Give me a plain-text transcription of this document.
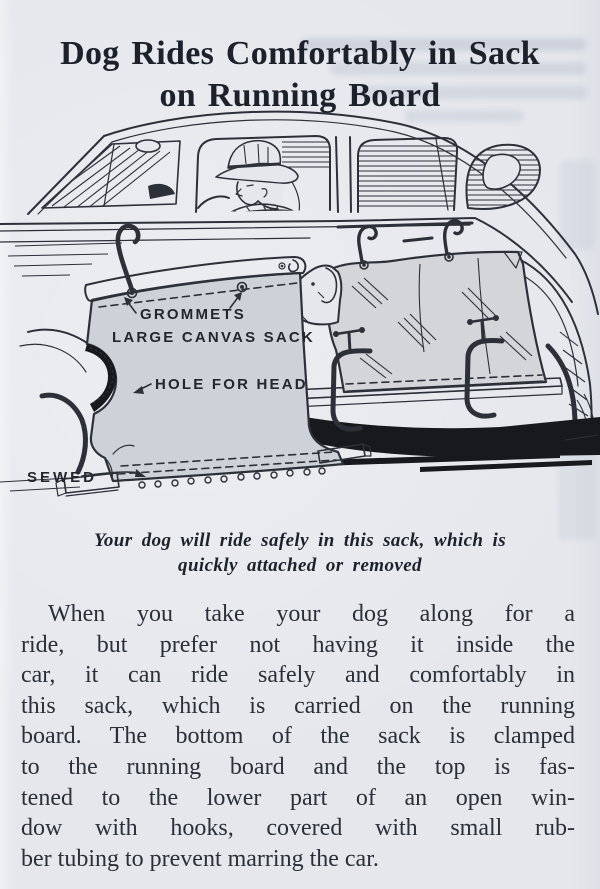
Dog Rides Comfortably in Sack
on Running Board
GROMMETS
LARGE CANVAS SACK
HOLE FOR HEAD
SEWED
Your dog will ride safely in this sack, which is
quickly attached or removed
When you take your dog along for a
ride, but prefer not having it inside the
car, it can ride safely and comfortably in
this sack, which is carried on the running
board. The bottom of the sack is clamped
to the running board and the top is fas-
tened to the lower part of an open win-
dow with hooks, covered with small rub-
ber tubing to prevent marring the car.
